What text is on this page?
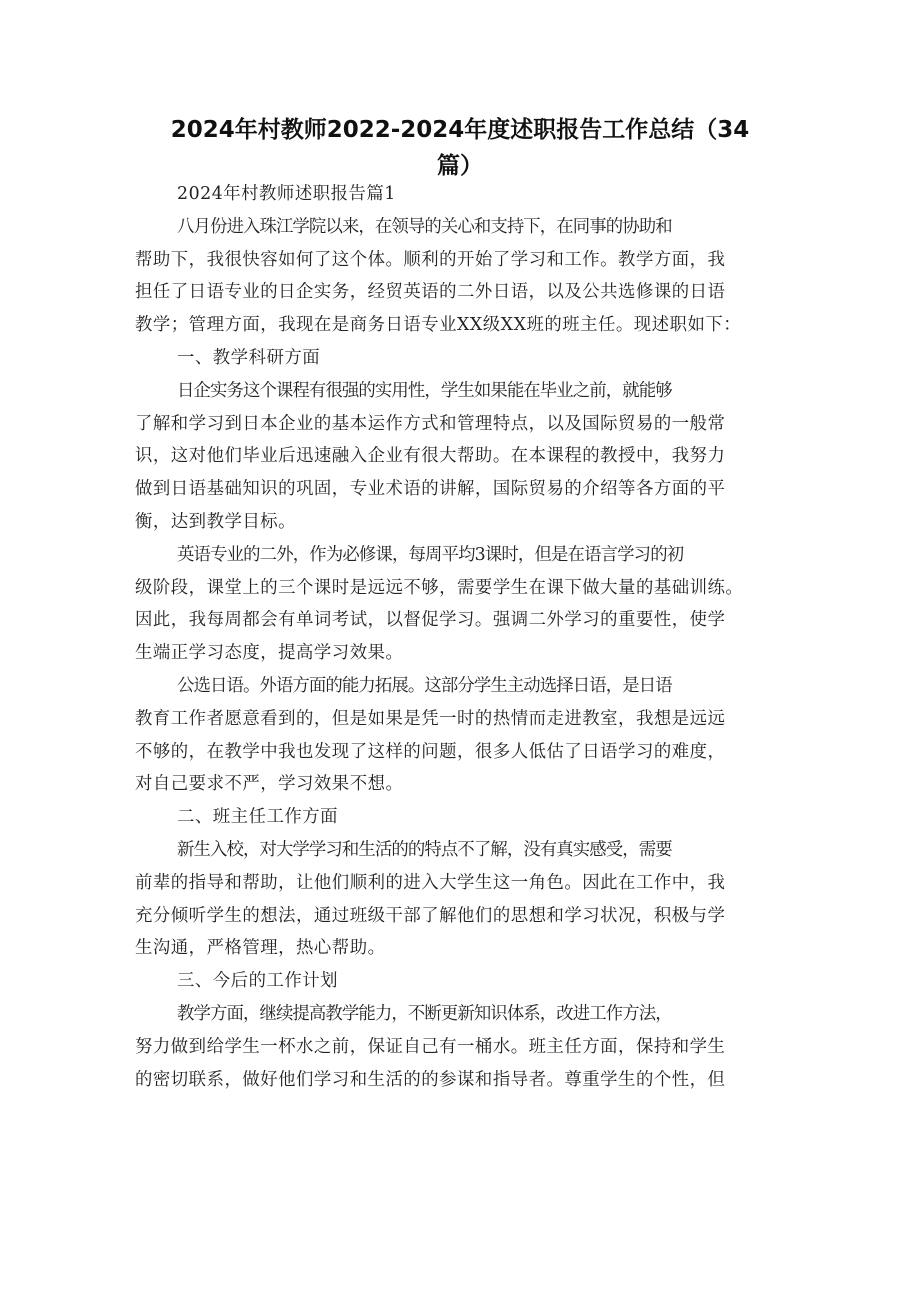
2024年村教师2022-2024年度述职报告工作总结（34
篇）

2024年村教师述职报告篇1

八月份进入珠江学院以来，在领导的关心和支持下，在同事的协助和
帮助下，我很快容如何了这个体。顺利的开始了学习和工作。教学方面，我
担任了日语专业的日企实务，经贸英语的二外日语，以及公共选修课的日语
教学；管理方面，我现在是商务日语专业XX级XX班的班主任。现述职如下：

一、教学科研方面

日企实务这个课程有很强的实用性，学生如果能在毕业之前，就能够
了解和学习到日本企业的基本运作方式和管理特点，以及国际贸易的一般常
识，这对他们毕业后迅速融入企业有很大帮助。在本课程的教授中，我努力
做到日语基础知识的巩固，专业术语的讲解，国际贸易的介绍等各方面的平
衡，达到教学目标。

英语专业的二外，作为必修课，每周平均3课时，但是在语言学习的初
级阶段，课堂上的三个课时是远远不够，需要学生在课下做大量的基础训练。
因此，我每周都会有单词考试，以督促学习。强调二外学习的重要性，使学
生端正学习态度，提高学习效果。

公选日语。外语方面的能力拓展。这部分学生主动选择日语，是日语
教育工作者愿意看到的，但是如果是凭一时的热情而走进教室，我想是远远
不够的，在教学中我也发现了这样的问题，很多人低估了日语学习的难度，
对自己要求不严，学习效果不想。

二、班主任工作方面

新生入校，对大学学习和生活的的特点不了解，没有真实感受，需要
前辈的指导和帮助，让他们顺利的进入大学生这一角色。因此在工作中，我
充分倾听学生的想法，通过班级干部了解他们的思想和学习状况，积极与学
生沟通，严格管理，热心帮助。

三、今后的工作计划

教学方面，继续提高教学能力，不断更新知识体系，改进工作方法，
努力做到给学生一杯水之前，保证自己有一桶水。班主任方面，保持和学生
的密切联系，做好他们学习和生活的的参谋和指导者。尊重学生的个性，但
